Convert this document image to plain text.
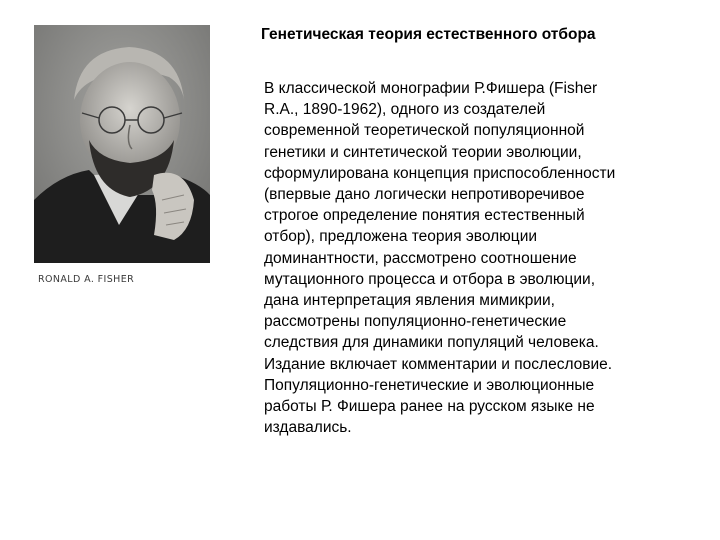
RONALD A. FISHER
Генетическая теория естественного отбора
В классической монографии Р.Фишера (Fisher
R.A., 1890-1962), одного из создателей
современной теоретической популяционной
генетики и синтетической теории эволюции,
сформулирована концепция приспособленности
(впервые дано логически непротиворечивое
строгое определение понятия естественный
отбор), предложена теория эволюции
доминантности, рассмотрено соотношение
мутационного процесса и отбора в эволюции,
дана интерпретация явления мимикрии,
рассмотрены популяционно-генетические
следствия для динамики популяций человека.
Издание включает комментарии и послесловие.
Популяционно-генетические и эволюционные
работы Р. Фишера ранее на русском языке не
издавались.
